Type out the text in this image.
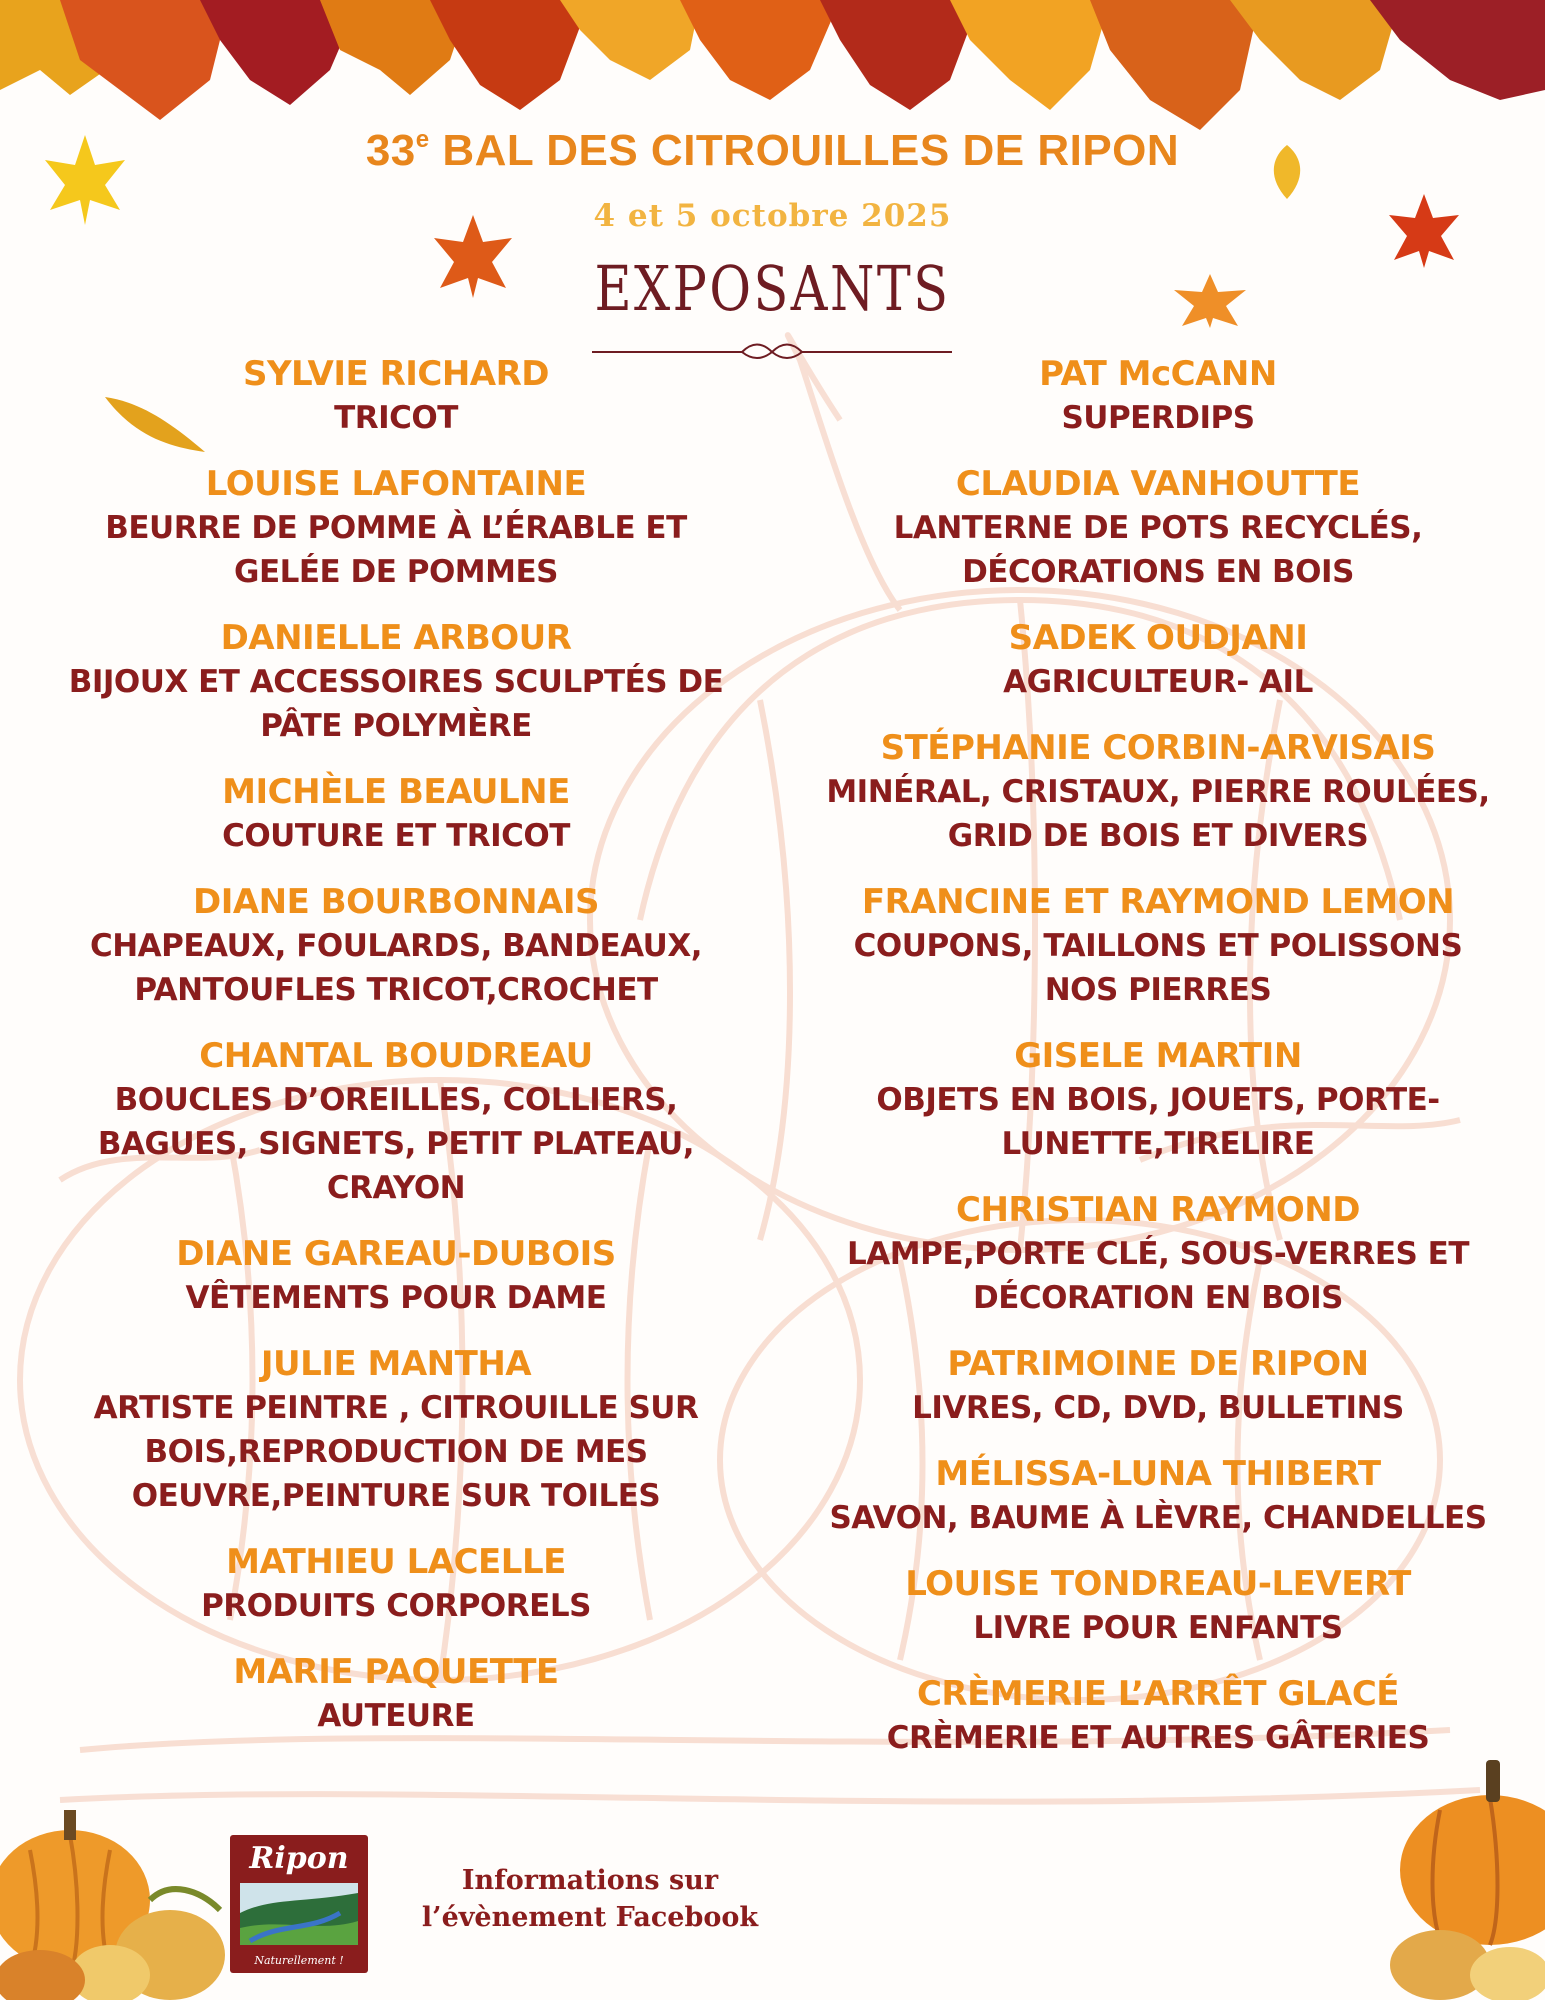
33e BAL DES CITROUILLES DE RIPON
4 et 5 octobre 2025
EXPOSANTS
SYLVIE RICHARD
TRICOT
LOUISE LAFONTAINE
BEURRE DE POMME À L’ÉRABLE ET
GELÉE DE POMMES
DANIELLE ARBOUR
BIJOUX ET ACCESSOIRES SCULPTÉS DE
PÂTE POLYMÈRE
MICHÈLE BEAULNE
COUTURE ET TRICOT
DIANE BOURBONNAIS
CHAPEAUX, FOULARDS, BANDEAUX,
PANTOUFLES TRICOT,CROCHET
CHANTAL BOUDREAU
BOUCLES D’OREILLES, COLLIERS,
BAGUES, SIGNETS, PETIT PLATEAU,
CRAYON
DIANE GAREAU-DUBOIS
VÊTEMENTS POUR DAME
JULIE MANTHA
ARTISTE PEINTRE , CITROUILLE SUR
BOIS,REPRODUCTION DE MES
OEUVRE,PEINTURE SUR TOILES
MATHIEU LACELLE
PRODUITS CORPORELS
MARIE PAQUETTE
AUTEURE
PAT McCANN
SUPERDIPS
CLAUDIA VANHOUTTE
LANTERNE DE POTS RECYCLÉS,
DÉCORATIONS EN BOIS
SADEK OUDJANI
AGRICULTEUR- AIL
STÉPHANIE CORBIN-ARVISAIS
MINÉRAL, CRISTAUX, PIERRE ROULÉES,
GRID DE BOIS ET DIVERS
FRANCINE ET RAYMOND LEMON
COUPONS, TAILLONS ET POLISSONS
NOS PIERRES
GISELE MARTIN
OBJETS EN BOIS, JOUETS, PORTE-
LUNETTE,TIRELIRE
CHRISTIAN RAYMOND
LAMPE,PORTE CLÉ, SOUS-VERRES ET
DÉCORATION EN BOIS
PATRIMOINE DE RIPON
LIVRES, CD, DVD, BULLETINS
MÉLISSA-LUNA THIBERT
SAVON, BAUME À LÈVRE, CHANDELLES
LOUISE TONDREAU-LEVERT
LIVRE POUR ENFANTS
CRÈMERIE L’ARRÊT GLACÉ
CRÈMERIE ET AUTRES GÂTERIES
Ripon
Naturellement !
Informations sur
l’évènement Facebook
